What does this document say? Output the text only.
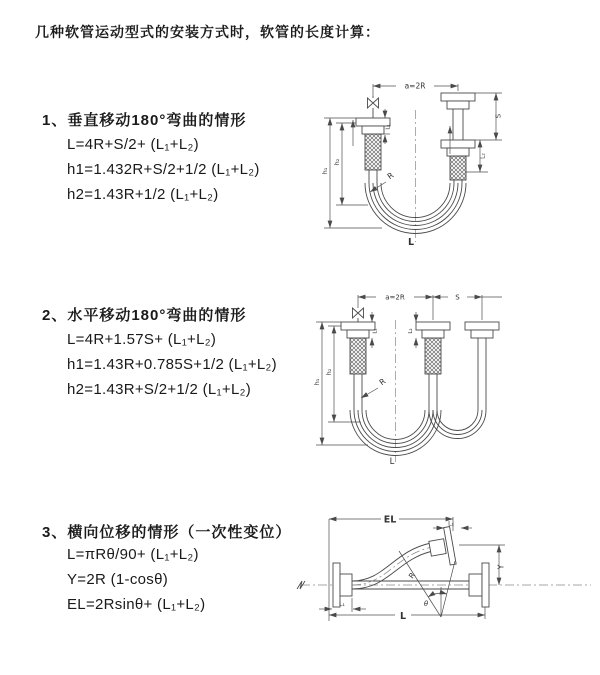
几种软管运动型式的安装方式时，软管的长度计算：
1、垂直移动180°弯曲的情形
L=4R+S/2+ (L₁+L₂)
h1=1.432R+S/2+1/2 (L₁+L₂)
h2=1.43R+1/2 (L₁+L₂)
2、水平移动180°弯曲的情形
L=4R+1.57S+ (L₁+L₂)
h1=1.43R+0.785S+1/2 (L₁+L₂)
h2=1.43R+S/2+1/2 (L₁+L₂)
3、横向位移的情形（一次性变位）
L=πRθ/90+ (L₁+L₂)
Y=2R (1-cosθ)
EL=2Rsinθ+ (L₁+L₂)
a=2R
S
L₂
h₁
h₂
L₁
R
L
a=2R	S
h₁
h₂
L₁	L₂
R
L
EL	L₂
Y
θ
R
L
L₁
